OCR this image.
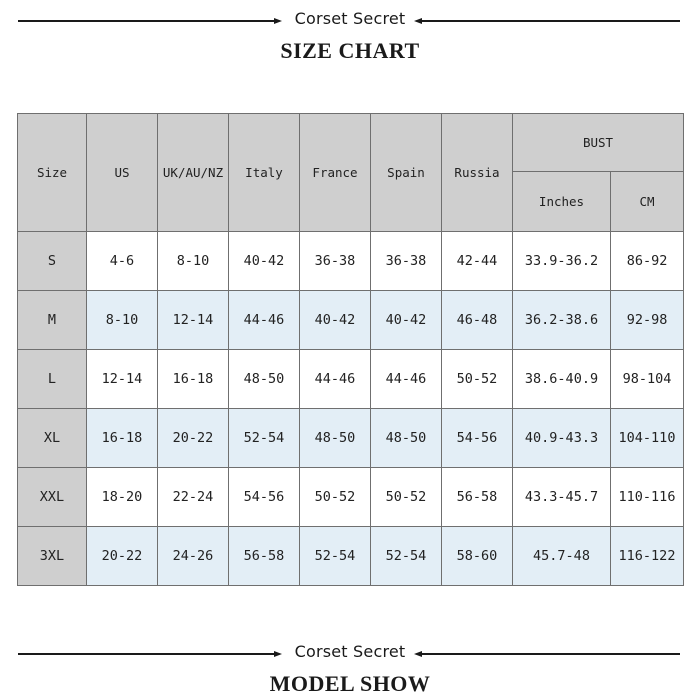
Corset Secret
SIZE CHART
Size	US	UK/AU/NZ	Italy	France	Spain	Russia	BUST	
							Inches	CM
S	4-6	8-10	40-42	36-38	36-38	42-44	33.9-36.2	86-92
M	8-10	12-14	44-46	40-42	40-42	46-48	36.2-38.6	92-98
L	12-14	16-18	48-50	44-46	44-46	50-52	38.6-40.9	98-104
XL	16-18	20-22	52-54	48-50	48-50	54-56	40.9-43.3	104-110
XXL	18-20	22-24	54-56	50-52	50-52	56-58	43.3-45.7	110-116
3XL	20-22	24-26	56-58	52-54	52-54	58-60	45.7-48	116-122
Corset Secret
MODEL SHOW
